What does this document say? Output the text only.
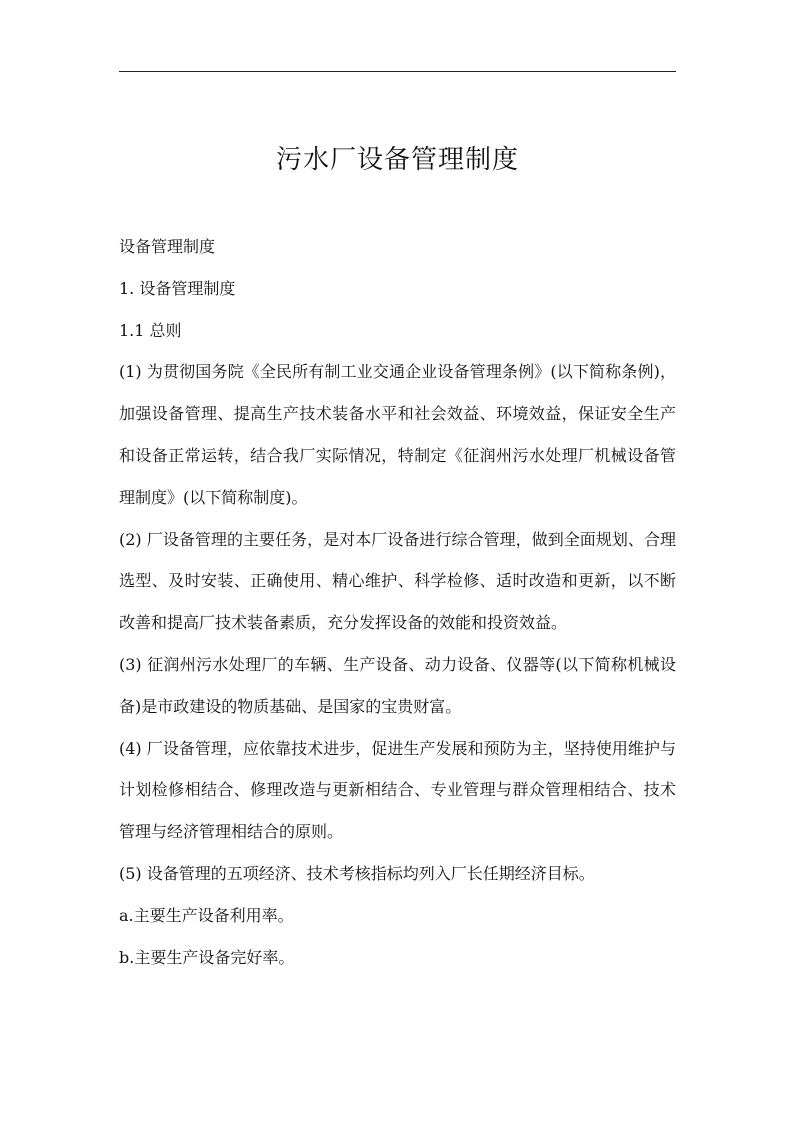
污水厂设备管理制度

设备管理制度

1. 设备管理制度

1.1 总则

(1) 为贯彻国务院《全民所有制工业交通企业设备管理条例》(以下简称条例)，加强设备管理、提高生产技术装备水平和社会效益、环境效益，保证安全生产和设备正常运转，结合我厂实际情况，特制定《征润州污水处理厂机械设备管理制度》(以下简称制度)。

(2) 厂设备管理的主要任务，是对本厂设备进行综合管理，做到全面规划、合理选型、及时安装、正确使用、精心维护、科学检修、适时改造和更新，以不断改善和提高厂技术装备素质，充分发挥设备的效能和投资效益。

(3) 征润州污水处理厂的车辆、生产设备、动力设备、仪器等(以下简称机械设备)是市政建设的物质基础、是国家的宝贵财富。

(4) 厂设备管理，应依靠技术进步，促进生产发展和预防为主，坚持使用维护与计划检修相结合、修理改造与更新相结合、专业管理与群众管理相结合、技术管理与经济管理相结合的原则。

(5) 设备管理的五项经济、技术考核指标均列入厂长任期经济目标。

a.主要生产设备利用率。

b.主要生产设备完好率。
